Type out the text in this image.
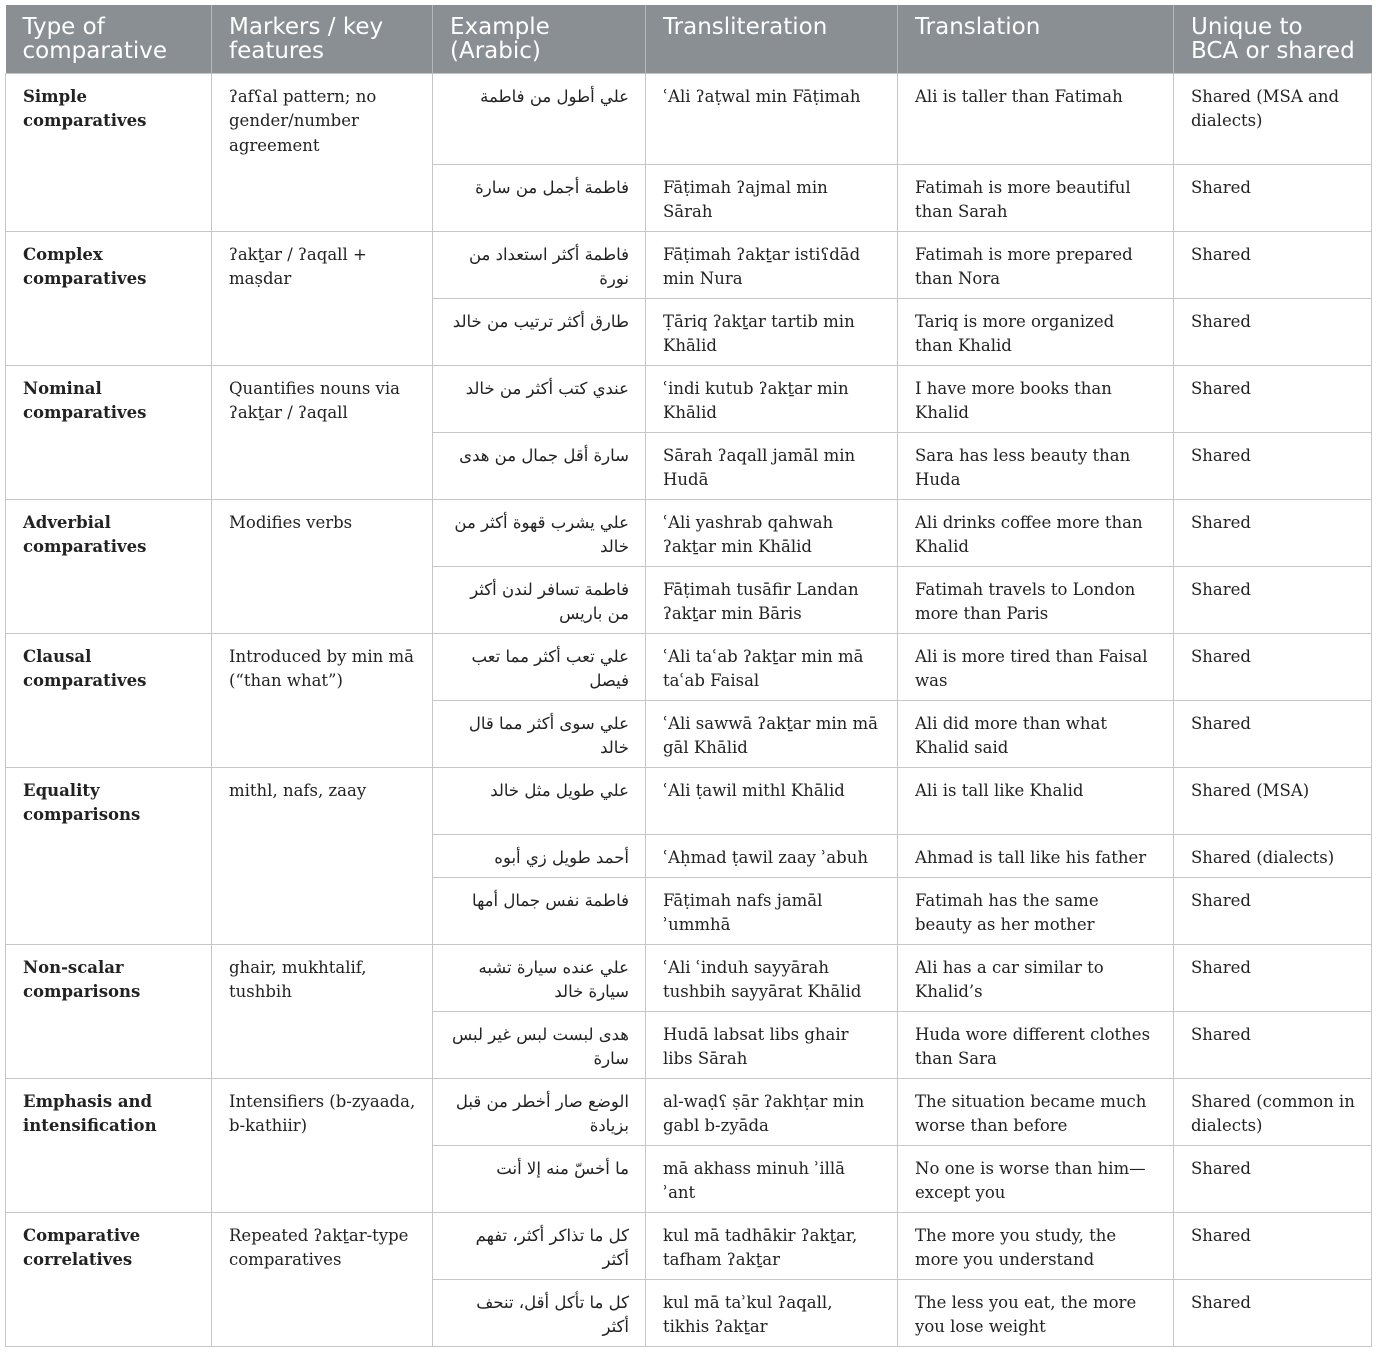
Type of comparative	Markers / key features	Example (Arabic)	Transliteration	Translation	Unique to BCA or shared
Simple comparatives	ʔafʕal pattern; no gender/number agreement	علي أطول من فاطمة	ʿAli ʔaṭwal min Fāṭimah	Ali is taller than Fatimah	Shared (MSA and dialects)
		فاطمة أجمل من سارة	Fāṭimah ʔajmal min Sārah	Fatimah is more beautiful than Sarah	Shared
Complex comparatives	ʔakṯar / ʔaqall + maṣdar	فاطمة أكثر استعداد من نورة	Fāṭimah ʔakṯar istiʕdād min Nura	Fatimah is more prepared than Nora	Shared
		طارق أكثر ترتيب من خالد	Ṭāriq ʔakṯar tartib min Khālid	Tariq is more organized than Khalid	Shared
Nominal comparatives	Quantifies nouns via ʔakṯar / ʔaqall	عندي كتب أكثر من خالد	ʿindi kutub ʔakṯar min Khālid	I have more books than Khalid	Shared
		سارة أقل جمال من هدى	Sārah ʔaqall jamāl min Hudā	Sara has less beauty than Huda	Shared
Adverbial comparatives	Modifies verbs	علي يشرب قهوة أكثر من خالد	ʿAli yashrab qahwah ʔakṯar min Khālid	Ali drinks coffee more than Khalid	Shared
		فاطمة تسافر لندن أكثر من باريس	Fāṭimah tusāfir Landan ʔakṯar min Bāris	Fatimah travels to London more than Paris	Shared
Clausal comparatives	Introduced by min mā (“than what”)	علي تعب أكثر مما تعب فيصل	ʿAli taʿab ʔakṯar min mā taʿab Faisal	Ali is more tired than Faisal was	Shared
		علي سوى أكثر مما قال خالد	ʿAli sawwā ʔakṯar min mā gāl Khālid	Ali did more than what Khalid said	Shared
Equality comparisons	mithl, nafs, zaay	علي طويل مثل خالد	ʿAli ṭawil mithl Khālid	Ali is tall like Khalid	Shared (MSA)
		أحمد طويل زي أبوه	ʿAḥmad ṭawil zaay ʾabuh	Ahmad is tall like his father	Shared (dialects)
		فاطمة نفس جمال أمها	Fāṭimah nafs jamāl ʾummhā	Fatimah has the same beauty as her mother	Shared
Non-scalar comparisons	ghair, mukhtalif, tushbih	علي عنده سيارة تشبه سيارة خالد	ʿAli ʿinduh sayyārah tushbih sayyārat Khālid	Ali has a car similar to Khalid’s	Shared
		هدى لبست لبس غير لبس سارة	Hudā labsat libs ghair libs Sārah	Huda wore different clothes than Sara	Shared
Emphasis and intensification	Intensifiers (b-zyaada, b-kathiir)	الوضع صار أخطر من قبل بزيادة	al-waḍʕ ṣār ʔakhṭar min gabl b-zyāda	The situation became much worse than before	Shared (common in dialects)
		ما أخسّ منه إلا أنت	mā akhass minuh ʾillā ʾant	No one is worse than him—except you	Shared
Comparative correlatives	Repeated ʔakṯar-type comparatives	كل ما تذاكر أكثر، تفهم أكثر	kul mā tadhākir ʔakṯar, tafham ʔakṯar	The more you study, the more you understand	Shared
		كل ما تأكل أقل، تنحف أكثر	kul mā taʾkul ʔaqall, tikhis ʔakṯar	The less you eat, the more you lose weight	Shared
